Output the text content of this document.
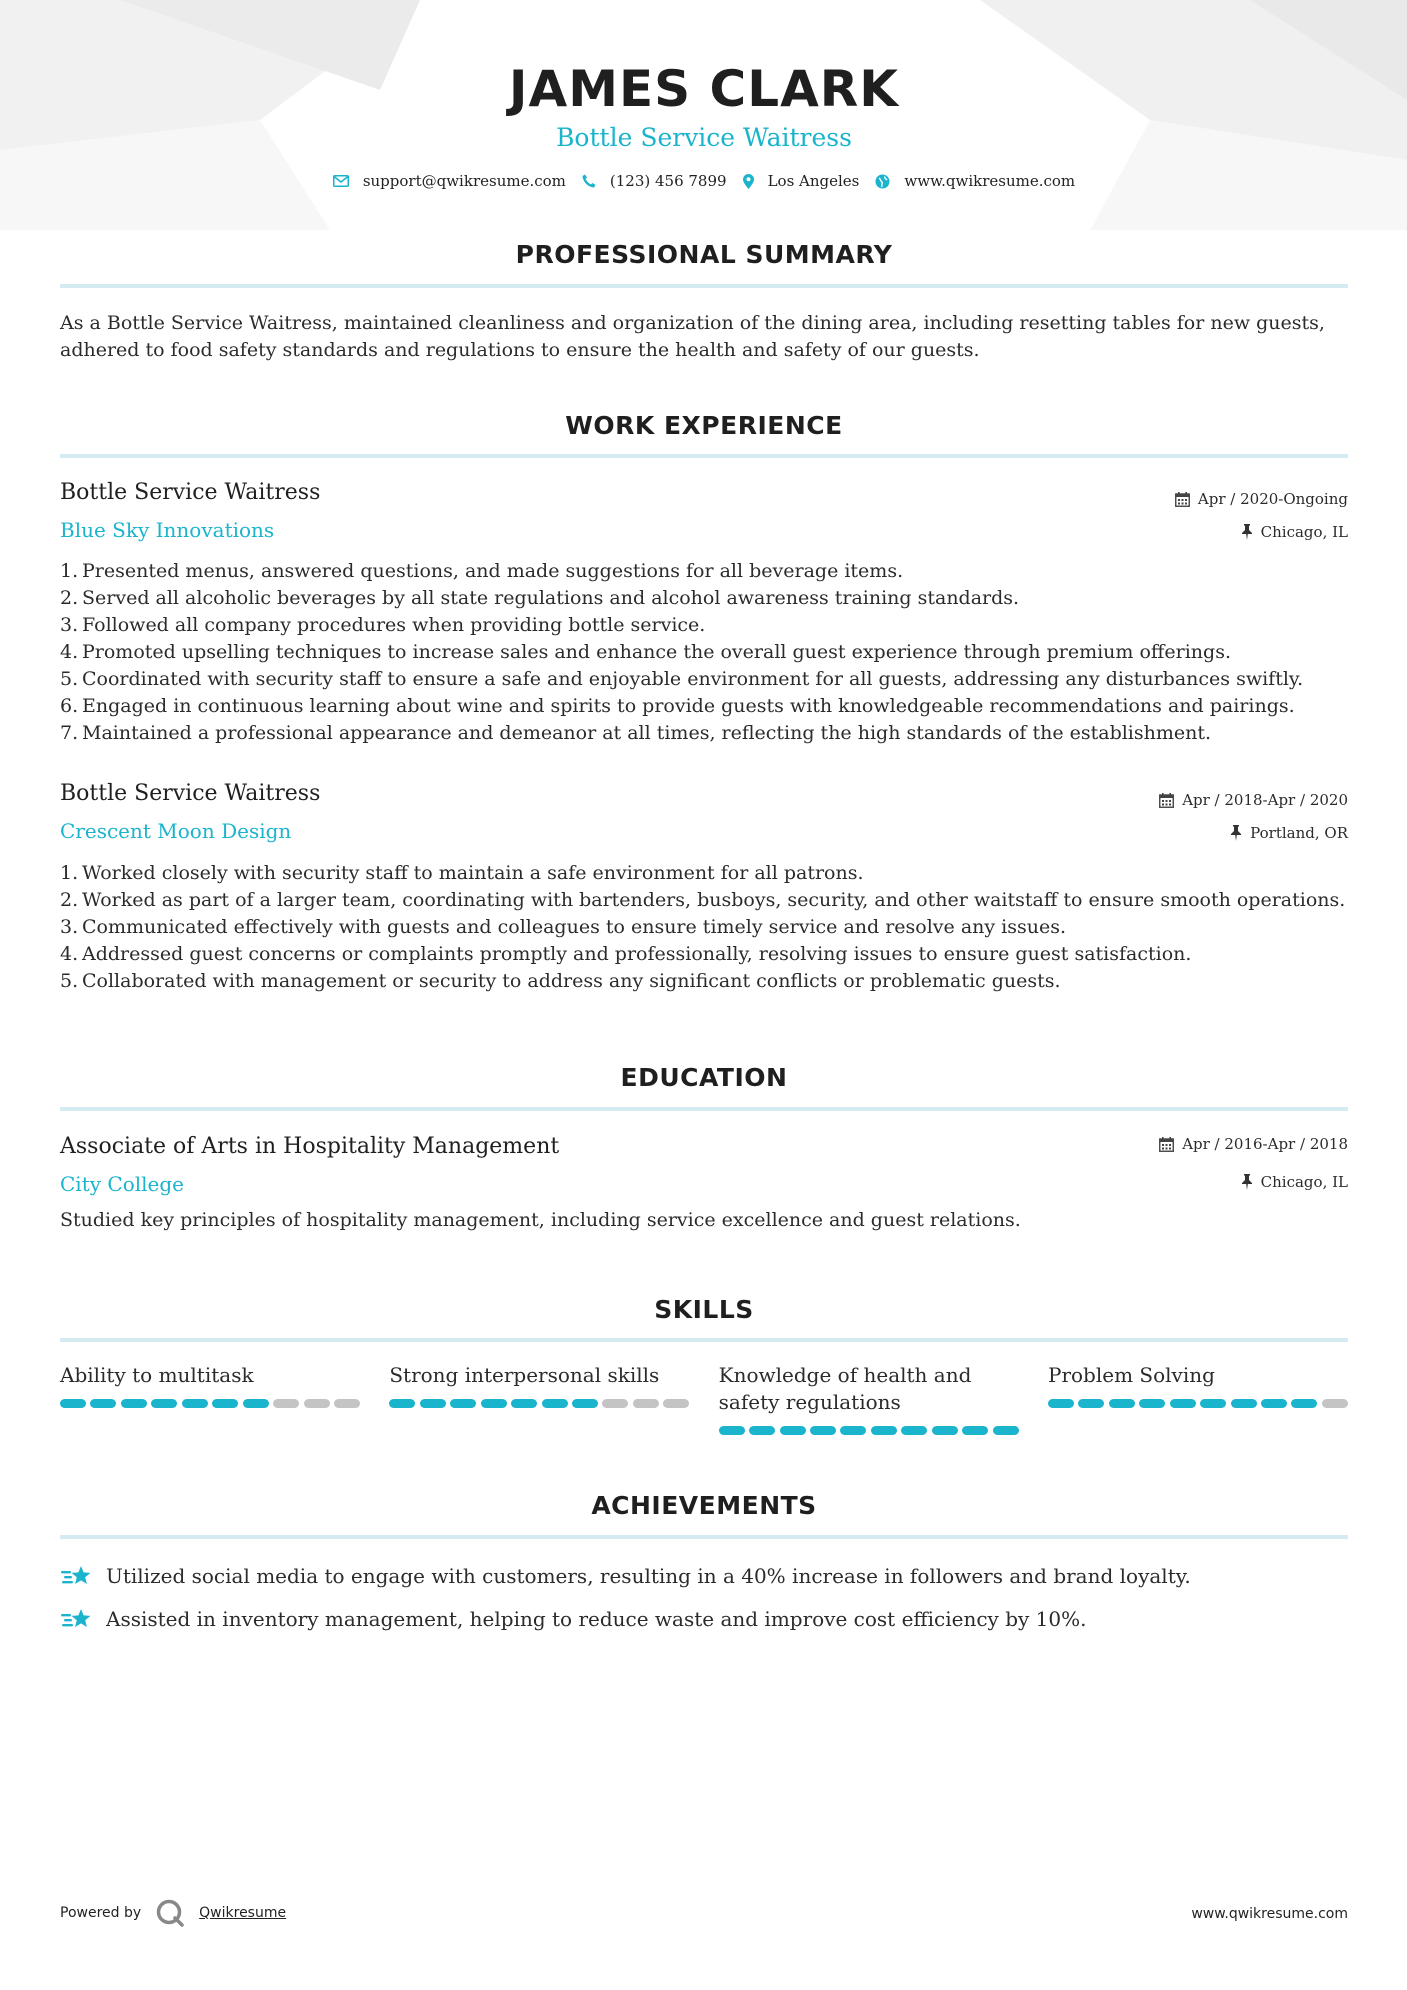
JAMES CLARK
Bottle Service Waitress
support@qwikresume.com	(123) 456 7899	Los Angeles	www.qwikresume.com
PROFESSIONAL SUMMARY
As a Bottle Service Waitress, maintained cleanliness and organization of the dining area, including resetting tables for new guests, adhered to food safety standards and regulations to ensure the health and safety of our guests.
WORK EXPERIENCE
Bottle Service Waitress
Blue Sky Innovations
Apr / 2020-Ongoing
Chicago, IL
1 . Presented menus, answered questions, and made suggestions for all beverage items.
2 . Served all alcoholic beverages by all state regulations and alcohol awareness training standards.
3 . Followed all company procedures when providing bottle service.
4 . Promoted upselling techniques to increase sales and enhance the overall guest experience through premium offerings.
5 . Coordinated with security staff to ensure a safe and enjoyable environment for all guests, addressing any disturbances swiftly.
6 . Engaged in continuous learning about wine and spirits to provide guests with knowledgeable recommendations and pairings.
7 . Maintained a professional appearance and demeanor at all times, reflecting the high standards of the establishment.
Bottle Service Waitress
Crescent Moon Design
Apr / 2018-Apr / 2020
Portland, OR
1 . Worked closely with security staff to maintain a safe environment for all patrons.
2 . Worked as part of a larger team, coordinating with bartenders, busboys, security, and other waitstaff to ensure smooth operations.
3 . Communicated effectively with guests and colleagues to ensure timely service and resolve any issues.
4 . Addressed guest concerns or complaints promptly and professionally, resolving issues to ensure guest satisfaction.
5 . Collaborated with management or security to address any significant conflicts or problematic guests.
EDUCATION
Associate of Arts in Hospitality Management
City College
Apr / 2016-Apr / 2018
Chicago, IL
Studied key principles of hospitality management, including service excellence and guest relations.
SKILLS
Ability to multitask	Strong interpersonal skills	Knowledge of health and safety regulations
Problem Solving
ACHIEVEMENTS
Utilized social media to engage with customers, resulting in a 40% increase in followers and brand loyalty.
Assisted in inventory management, helping to reduce waste and improve cost efficiency by 10%.
Powered by	Qwikresume	www.qwikresume.com
